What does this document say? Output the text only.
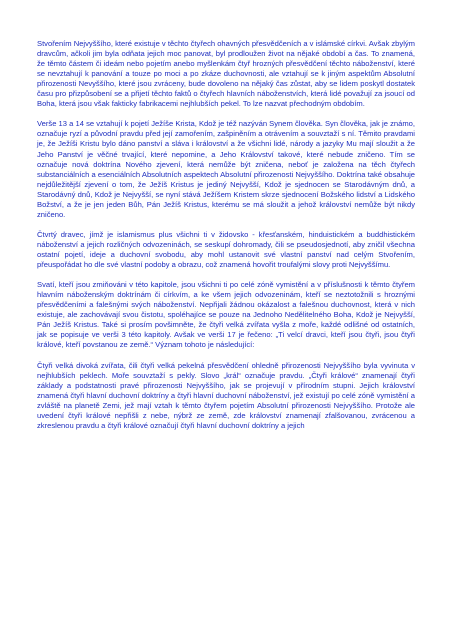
Stvořením Nejvyššího, které existuje v těchto čtyřech ohavných přesvědčeních a v islámské církvi. Avšak zbylým dravcům, ačkoli jim byla odňata jejich moc panovat, byl prodloužen život na nějaké období a čas. To znamená, že těmto částem či ideám nebo pojetím anebo myšlenkám čtyř hrozných přesvědčení těchto náboženství, které se nevztahují k panování a touze po moci a po zkáze duchovnosti, ale vztahují se k jiným aspektům Absolutní přirozenosti Nevyššího, které jsou zvráceny, bude dovoleno na nějaký čas zůstat, aby se lidem poskytl dostatek času pro přizpůsobení se a přijetí těchto faktů o čtyřech hlavních náboženstvích, která lidé považují za jsoucí od Boha, která jsou však fakticky fabrikacemi nejhlubších pekel. To lze nazvat přechodným obdobím.

Verše 13 a 14 se vztahují k pojetí Ježíše Krista, Kdož je též nazýván Synem člověka. Syn člověka, jak je známo, označuje ryzí a původní pravdu před její zamořením, zašpiněním a otrávením a souvztaží s ní. Těmito pravdami je, že Ježíši Kristu bylo dáno panství a sláva i království a že všichni lidé, národy a jazyky Mu mají sloužit a že Jeho Panství je věčné trvající, které nepomine, a Jeho Království takové, které nebude zničeno. Tím se označuje nová doktrína Nového zjevení, která nemůže být zničena, neboť je založena na těch čtyřech substanciálních a esenciálních Absolutních aspektech Absolutní přirozenosti Nejvyššího. Doktrína také obsahuje nejdůležitější zjevení o tom, že Ježíš Kristus je jediný Nejvyšší, Kdož je sjednocen se Starodávným dnů, a Starodávný dnů, Kdož je Nejvyšší, se nyní stává Ježíšem Kristem skrze sjednocení Božského lidství a Lidského Božství, a že je jen jeden Bůh, Pán Ježíš Kristus, kterému se má sloužit a jehož království nemůže být nikdy zničeno.

Čtvrtý dravec, jímž je islamismus plus všichni ti v židovsko - křesťanském, hinduistickém a buddhistickém náboženství a jejich rozličných odvozeninách, se seskupí dohromady, čili se pseudosjednotí, aby zničil všechna ostatní pojetí, ideje a duchovní svobodu, aby mohl ustanovit své vlastní panství nad celým Stvořením, přeuspořádat ho dle své vlastní podoby a obrazu, což znamená hovořit troufalými slovy proti Nejvyššímu.

Svatí, kteří jsou zmiňováni v této kapitole, jsou všichni ti po celé zóně vymistění a v příslušnosti k těmto čtyřem hlavním náboženským doktrínám či církvím, a ke všem jejich odvozeninám, kteří se neztotožnili s hroznými přesvědčeními a falešnými svých náboženství. Nepřijali žádnou okázalost a falešnou duchovnost, která v nich existuje, ale zachovávají svou čistotu, spoléhajíce se pouze na Jednoho Nedělitelného Boha, Kdož je Nejvyšší, Pán Ježíš Kristus. Také si prosím povšimněte, že čtyři velká zvířata vyšla z moře, každé odlišné od ostatních, jak se popisuje ve verši 3 této kapitoly. Avšak ve verši 17 je řečeno: „Ti velcí dravci, kteří jsou čtyři, jsou čtyři králové, kteří povstanou ze země.“ Význam tohoto je následující:

Čtyři velká divoká zvířata, čili čtyři velká pekelná přesvědčení ohledně přirozenosti Nejvyššího byla vyvinuta v nejhlubších peklech. Moře souvztaží s pekly. Slovo „král“ označuje pravdu. „Čtyři králové“ znamenají čtyři základy a podstatnosti pravé přirozenosti Nejvyššího, jak se projevují v přírodním stupni. Jejich království znamená čtyři hlavní duchovní doktríny a čtyři hlavní duchovní náboženství, jež existují po celé zóně vymistění a zvláště na planetě Zemi, jež mají vztah k těmto čtyřem pojetím Absolutní přirozenosti Nejvyššího. Protože ale uvedení čtyři králové nepřišli z nebe, nýbrž ze země, zde království znamenají zfalšovanou, zvrácenou a zkreslenou pravdu a čtyři králové označují čtyři hlavní duchovní doktríny a jejich
